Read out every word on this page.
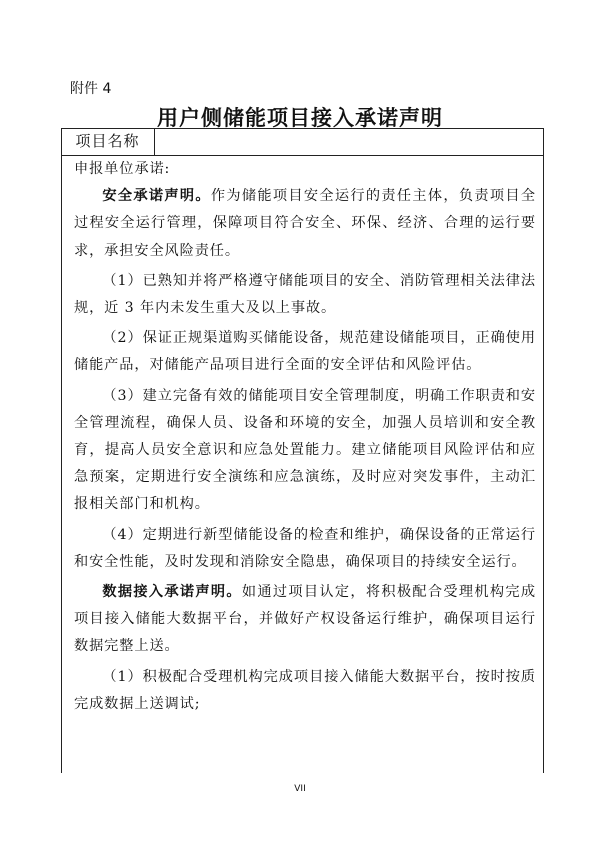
附件 4
用户侧储能项目接入承诺声明
项目名称

申报单位承诺:

安全承诺声明。作为储能项目安全运行的责任主体，负责项目全过程安全运行管理，保障项目符合安全、环保、经济、合理的运行要求，承担安全风险责任。

（1）已熟知并将严格遵守储能项目的安全、消防管理相关法律法规，近 3 年内未发生重大及以上事故。

（2）保证正规渠道购买储能设备，规范建设储能项目，正确使用储能产品，对储能产品项目进行全面的安全评估和风险评估。

（3）建立完备有效的储能项目安全管理制度，明确工作职责和安全管理流程，确保人员、设备和环境的安全，加强人员培训和安全教育，提高人员安全意识和应急处置能力。建立储能项目风险评估和应急预案，定期进行安全演练和应急演练，及时应对突发事件，主动汇报相关部门和机构。

（4）定期进行新型储能设备的检查和维护，确保设备的正常运行和安全性能，及时发现和消除安全隐患，确保项目的持续安全运行。

数据接入承诺声明。如通过项目认定，将积极配合受理机构完成项目接入储能大数据平台，并做好产权设备运行维护，确保项目运行数据完整上送。

（1）积极配合受理机构完成项目接入储能大数据平台，按时按质完成数据上送调试;

VII
